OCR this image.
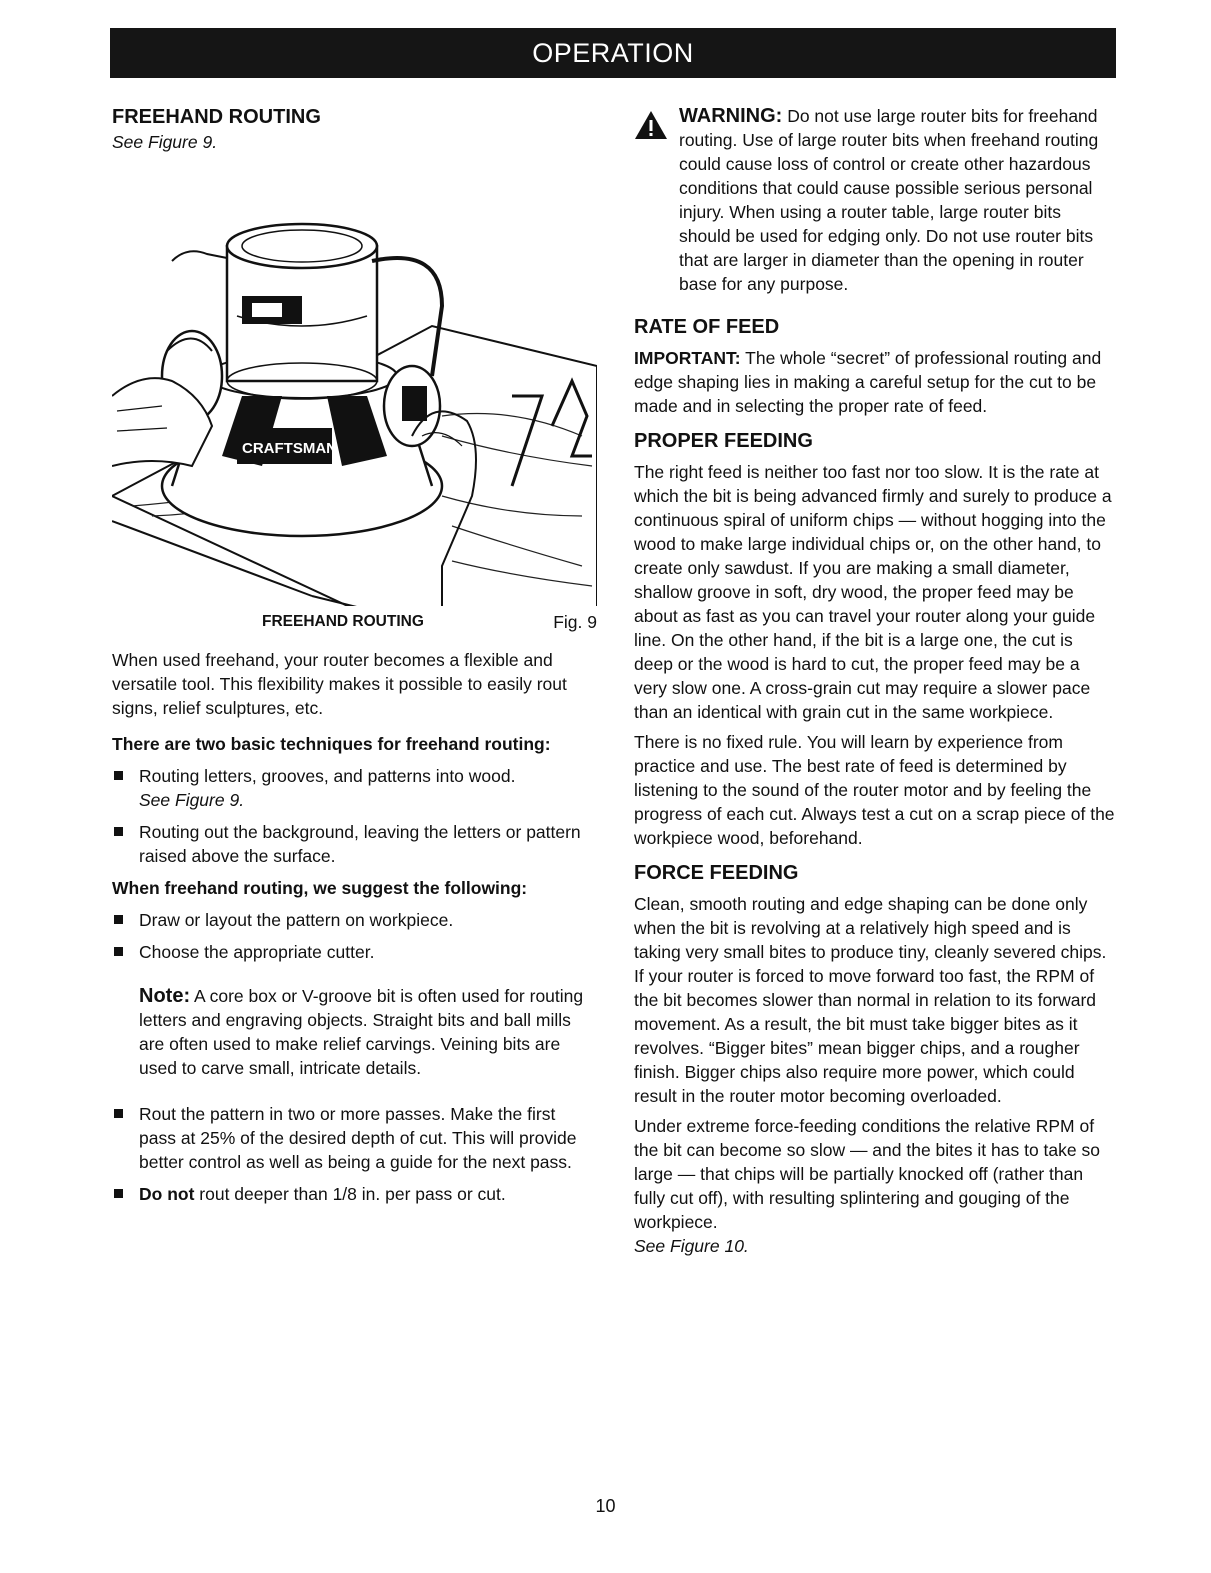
OPERATION
FREEHAND ROUTING
See Figure 9.
CRAFTSMAN
FREEHAND ROUTING	Fig. 9

When used freehand, your router becomes a flexible and versatile tool. This flexibility makes it possible to easily rout signs, relief sculptures, etc.

There are two basic techniques for freehand routing:
Routing letters, grooves, and patterns into wood.
See Figure 9.
Routing out the background, leaving the letters or pattern raised above the surface.
When freehand routing, we suggest the following:
Draw or layout the pattern on workpiece.
Choose the appropriate cutter.
Note: A core box or V-groove bit is often used for routing letters and engraving objects. Straight bits and ball mills are often used to make relief carvings. Veining bits are used to carve small, intricate details.
Rout the pattern in two or more passes. Make the first pass at 25% of the desired depth of cut. This will provide better control as well as being a guide for the next pass.
Do not rout deeper than 1/8 in. per pass or cut.
WARNING: Do not use large router bits for freehand routing. Use of large router bits when freehand routing could cause loss of control or create other hazardous conditions that could cause possible serious personal injury. When using a router table, large router bits should be used for edging only. Do not use router bits that are larger in diameter than the opening in router base for any purpose.
RATE OF FEED

IMPORTANT: The whole “secret” of professional routing and edge shaping lies in making a careful setup for the cut to be made and in selecting the proper rate of feed.

PROPER FEEDING

The right feed is neither too fast nor too slow. It is the rate at which the bit is being advanced firmly and surely to produce a continuous spiral of uniform chips — without hogging into the wood to make large individual chips or, on the other hand, to create only sawdust. If you are making a small diameter, shallow groove in soft, dry wood, the proper feed may be about as fast as you can travel your router along your guide line. On the other hand, if the bit is a large one, the cut is deep or the wood is hard to cut, the proper feed may be a very slow one. A cross-grain cut may require a slower pace than an identical with grain cut in the same workpiece.

There is no fixed rule. You will learn by experience from practice and use. The best rate of feed is determined by listening to the sound of the router motor and by feeling the progress of each cut. Always test a cut on a scrap piece of the workpiece wood, beforehand.

FORCE FEEDING

Clean, smooth routing and edge shaping can be done only when the bit is revolving at a relatively high speed and is taking very small bites to produce tiny, cleanly severed chips. If your router is forced to move forward too fast, the RPM of the bit becomes slower than normal in relation to its forward movement. As a result, the bit must take bigger bites as it revolves. “Bigger bites” mean bigger chips, and a rougher finish. Bigger chips also require more power, which could result in the router motor becoming overloaded.

Under extreme force-feeding conditions the relative RPM of the bit can become so slow — and the bites it has to take so large — that chips will be partially knocked off (rather than fully cut off), with resulting splintering and gouging of the workpiece.

See Figure 10.
10
